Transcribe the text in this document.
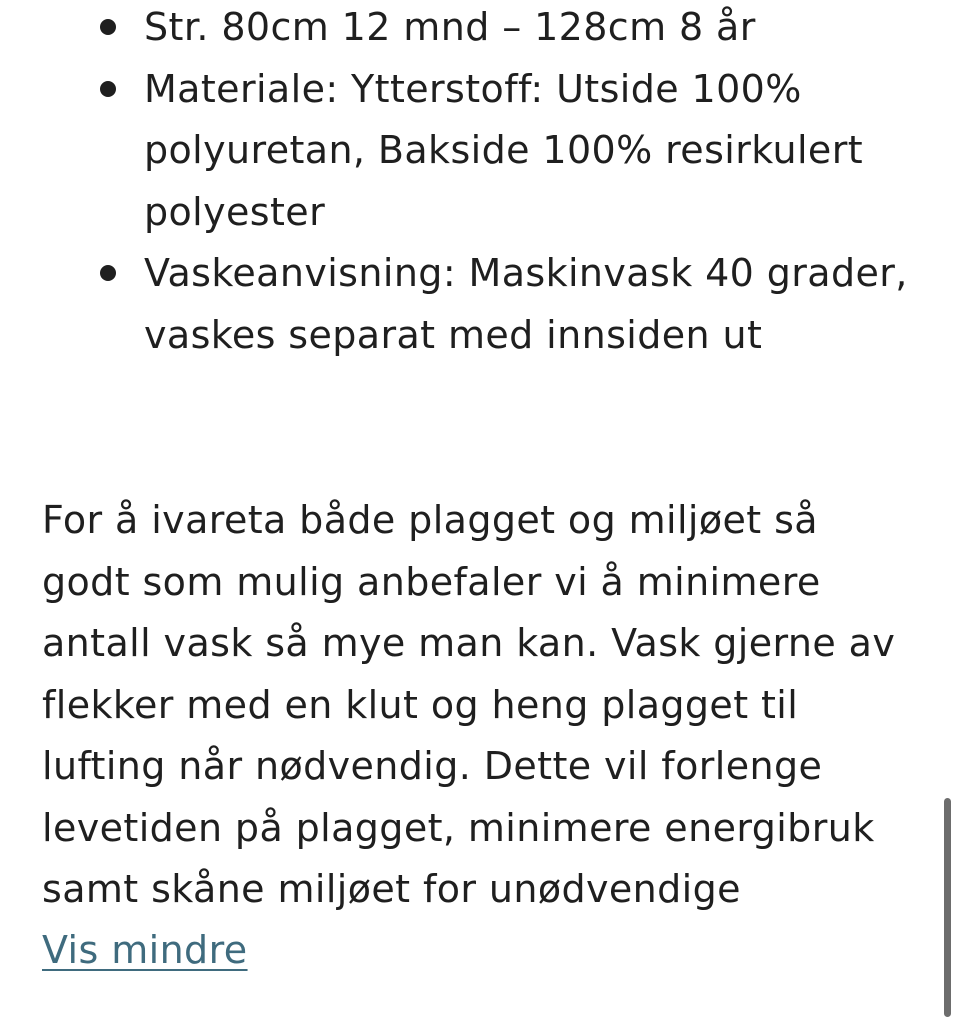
Str. 80cm 12 mnd – 128cm 8 år
Materiale: Ytterstoff: Utside 100% polyuretan, Bakside 100% resirkulert polyester
Vaskeanvisning: Maskinvask 40 grader, vaskes separat med innsiden ut

For å ivareta både plagget og miljøet så godt som mulig anbefaler vi å minimere antall vask så mye man kan. Vask gjerne av flekker med en klut og heng plagget til lufting når nødvendig. Dette vil forlenge levetiden på plagget, minimere energibruk samt skåne miljøet for unødvendige

Vis mindre
